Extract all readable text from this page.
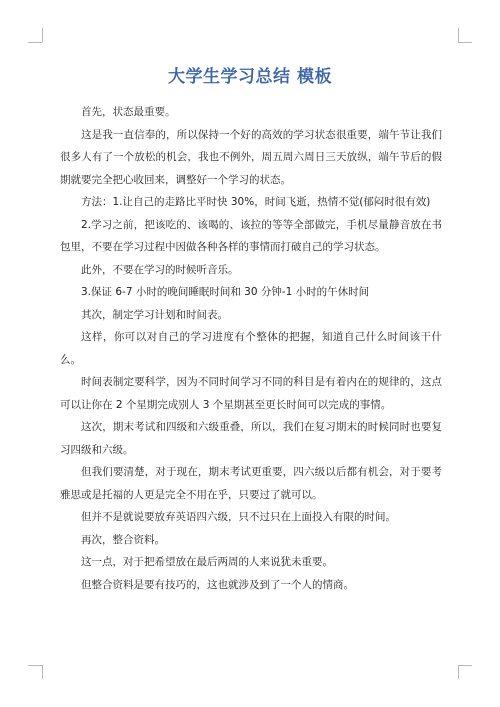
大学生学习总结 模板

首先，状态最重要。

这是我一直信奉的，所以保持一个好的高效的学习状态很重要，端午节让我们很多人有了一个放松的机会，我也不例外，周五周六周日三天放纵，端午节后的假期就要完全把心收回来，调整好一个学习的状态。

方法：1.让自己的走路比平时快 30%，时间飞逝，热情不觉(郁闷时很有效)

2.学习之前，把该吃的、该喝的、该拉的等等全部做完，手机尽量静音放在书包里，不要在学习过程中因做各种各样的事情而打破自己的学习状态。

此外，不要在学习的时候听音乐。

3.保证 6-7 小时的晚间睡眠时间和 30 分钟-1 小时的午休时间

其次，制定学习计划和时间表。

这样，你可以对自己的学习进度有个整体的把握，知道自己什么时间该干什么。

时间表制定要科学，因为不同时间学习不同的科目是有着内在的规律的，这点可以让你在 2 个星期完成别人 3 个星期甚至更长时间可以完成的事情。

这次，期末考试和四级和六级重叠，所以，我们在复习期末的时候同时也要复习四级和六级。

但我们要清楚，对于现在，期末考试更重要，四六级以后都有机会，对于要考雅思或是托福的人更是完全不用在乎，只要过了就可以。

但并不是就说要放弃英语四六级，只不过只在上面投入有限的时间。

再次，整合资料。

这一点，对于把希望放在最后两周的人来说犹未重要。

但整合资料是要有技巧的，这也就涉及到了一个人的情商。
